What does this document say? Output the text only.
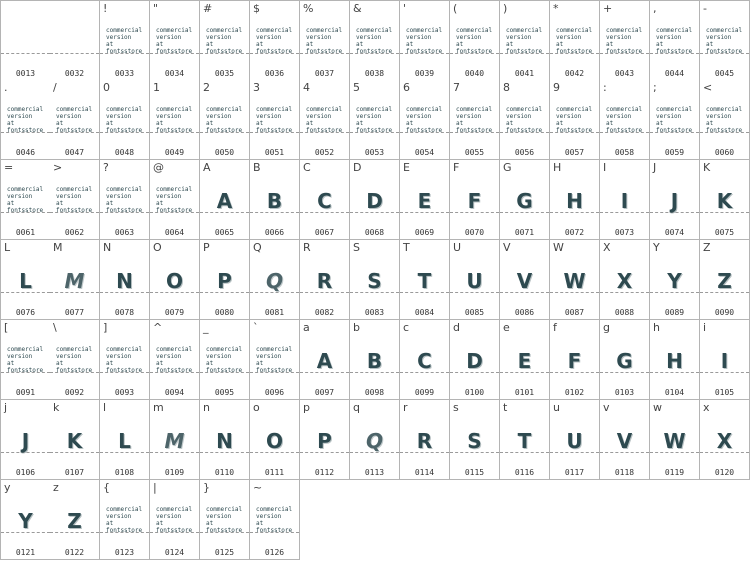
0013	0032
!
commercial
version
at
fontsstore
0033
"
commercial
version
at
fontsstore
0034
#
commercial
version
at
fontsstore
0035
$
commercial
version
at
fontsstore
0036
%
commercial
version
at
fontsstore
0037
&
commercial
version
at
fontsstore
0038
'
commercial
version
at
fontsstore
0039
(
commercial
version
at
fontsstore
0040
)
commercial
version
at
fontsstore
0041
*
commercial
version
at
fontsstore
0042
+
commercial
version
at
fontsstore
0043
,
commercial
version
at
fontsstore
0044
-
commercial
version
at
fontsstore
0045
.
commercial
version
at
fontsstore
0046
/
commercial
version
at
fontsstore
0047
0
commercial
version
at
fontsstore
0048
1
commercial
version
at
fontsstore
0049
2
commercial
version
at
fontsstore
0050
3
commercial
version
at
fontsstore
0051
4
commercial
version
at
fontsstore
0052
5
commercial
version
at
fontsstore
0053
6
commercial
version
at
fontsstore
0054
7
commercial
version
at
fontsstore
0055
8
commercial
version
at
fontsstore
0056
9
commercial
version
at
fontsstore
0057
:
commercial
version
at
fontsstore
0058
;
commercial
version
at
fontsstore
0059
<
commercial
version
at
fontsstore
0060
=
commercial
version
at
fontsstore
0061
>
commercial
version
at
fontsstore
0062
?
commercial
version
at
fontsstore
0063
@
commercial
version
at
fontsstore
0064
A
A
0065
B
B
0066
C
C
0067
D
D
0068
E
E
0069
F
F
0070
G
G
0071
H
H
0072
I
I
0073
J
J
0074
K
K
0075
L
L
0076
M
M
0077
N
N
0078
O
O
0079
P
P
0080
Q
Q
0081
R
R
0082
S
S
0083
T
T
0084
U
U
0085
V
V
0086
W
W
0087
X
X
0088
Y
Y
0089
Z
Z
0090
[
commercial
version
at
fontsstore
0091
\
commercial
version
at
fontsstore
0092
]
commercial
version
at
fontsstore
0093
^
commercial
version
at
fontsstore
0094
_
commercial
version
at
fontsstore
0095
`
commercial
version
at
fontsstore
0096
a
A
0097
b
B
0098
c
C
0099
d
D
0100
e
E
0101
f
F
0102
g
G
0103
h
H
0104
i
I
0105
j
J
0106
k
K
0107
l
L
0108
m
M
0109
n
N
0110
o
O
0111
p
P
0112
q
Q
0113
r
R
0114
s
S
0115
t
T
0116
u
U
0117
v
V
0118
w
W
0119
x
X
0120
y
Y
0121
z
Z
0122
{
commercial
version
at
fontsstore
0123
|
commercial
version
at
fontsstore
0124
}
commercial
version
at
fontsstore
0125
~
commercial
version
at
fontsstore
0126
